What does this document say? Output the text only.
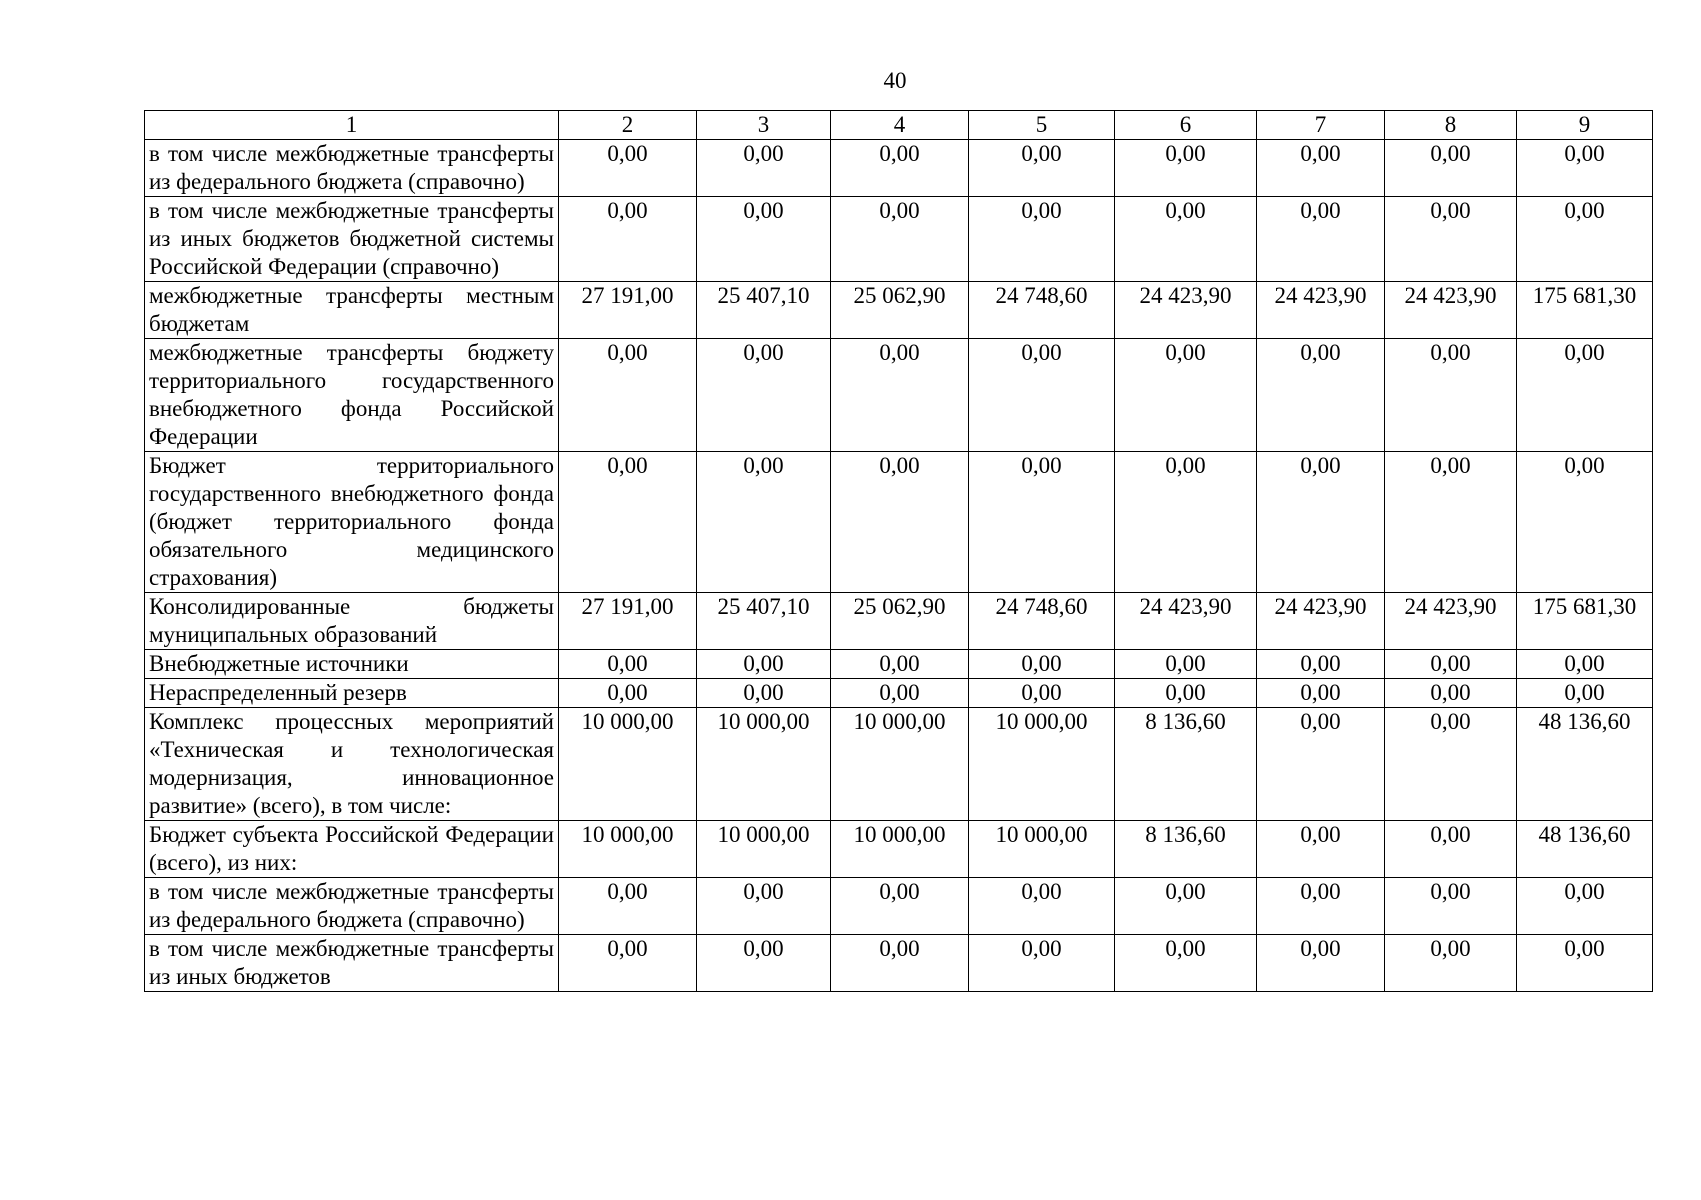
40
1	2	3	4	5	6	7	8	9
в том числе межбюджетные трансферты из федерального бюджета (справочно)	0,00	0,00	0,00	0,00	0,00	0,00	0,00	0,00
в том числе межбюджетные трансферты из иных бюджетов бюджетной системы Российской Федерации (справочно)	0,00	0,00	0,00	0,00	0,00	0,00	0,00	0,00
межбюджетные трансферты местным бюджетам	27 191,00	25 407,10	25 062,90	24 748,60	24 423,90	24 423,90	24 423,90	175 681,30
межбюджетные трансферты бюджету территориального государственного внебюджетного фонда Российской Федерации	0,00	0,00	0,00	0,00	0,00	0,00	0,00	0,00
Бюджет территориального государственного внебюджетного фонда (бюджет территориального фонда обязательного медицинского страхования)	0,00	0,00	0,00	0,00	0,00	0,00	0,00	0,00
Консолидированные бюджеты муниципальных образований	27 191,00	25 407,10	25 062,90	24 748,60	24 423,90	24 423,90	24 423,90	175 681,30
Внебюджетные источники	0,00	0,00	0,00	0,00	0,00	0,00	0,00	0,00
Нераспределенный резерв	0,00	0,00	0,00	0,00	0,00	0,00	0,00	0,00
Комплекс процессных мероприятий «Техническая и технологическая модернизация, инновационное развитие» (всего), в том числе:	10 000,00	10 000,00	10 000,00	10 000,00	8 136,60	0,00	0,00	48 136,60
Бюджет субъекта Российской Федерации (всего), из них:	10 000,00	10 000,00	10 000,00	10 000,00	8 136,60	0,00	0,00	48 136,60
в том числе межбюджетные трансферты из федерального бюджета (справочно)	0,00	0,00	0,00	0,00	0,00	0,00	0,00	0,00
в том числе межбюджетные трансферты из иных бюджетов	0,00	0,00	0,00	0,00	0,00	0,00	0,00	0,00
